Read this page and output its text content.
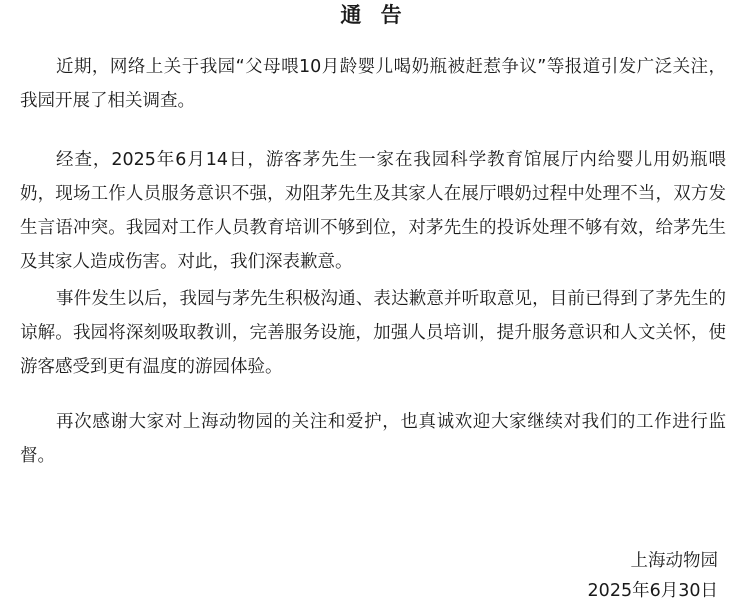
通 告

近期，网络上关于我园“父母喂10月龄婴儿喝奶瓶被赶惹争议”等报道引发广泛关注，我园开展了相关调查。

经查，2025年6月14日，游客茅先生一家在我园科学教育馆展厅内给婴儿用奶瓶喂奶，现场工作人员服务意识不强，劝阻茅先生及其家人在展厅喂奶过程中处理不当，双方发生言语冲突。我园对工作人员教育培训不够到位，对茅先生的投诉处理不够有效，给茅先生及其家人造成伤害。对此，我们深表歉意。

事件发生以后，我园与茅先生积极沟通、表达歉意并听取意见，目前已得到了茅先生的谅解。我园将深刻吸取教训，完善服务设施，加强人员培训，提升服务意识和人文关怀，使游客感受到更有温度的游园体验。

再次感谢大家对上海动物园的关注和爱护，也真诚欢迎大家继续对我们的工作进行监督。

上海动物园
2025年6月30日
